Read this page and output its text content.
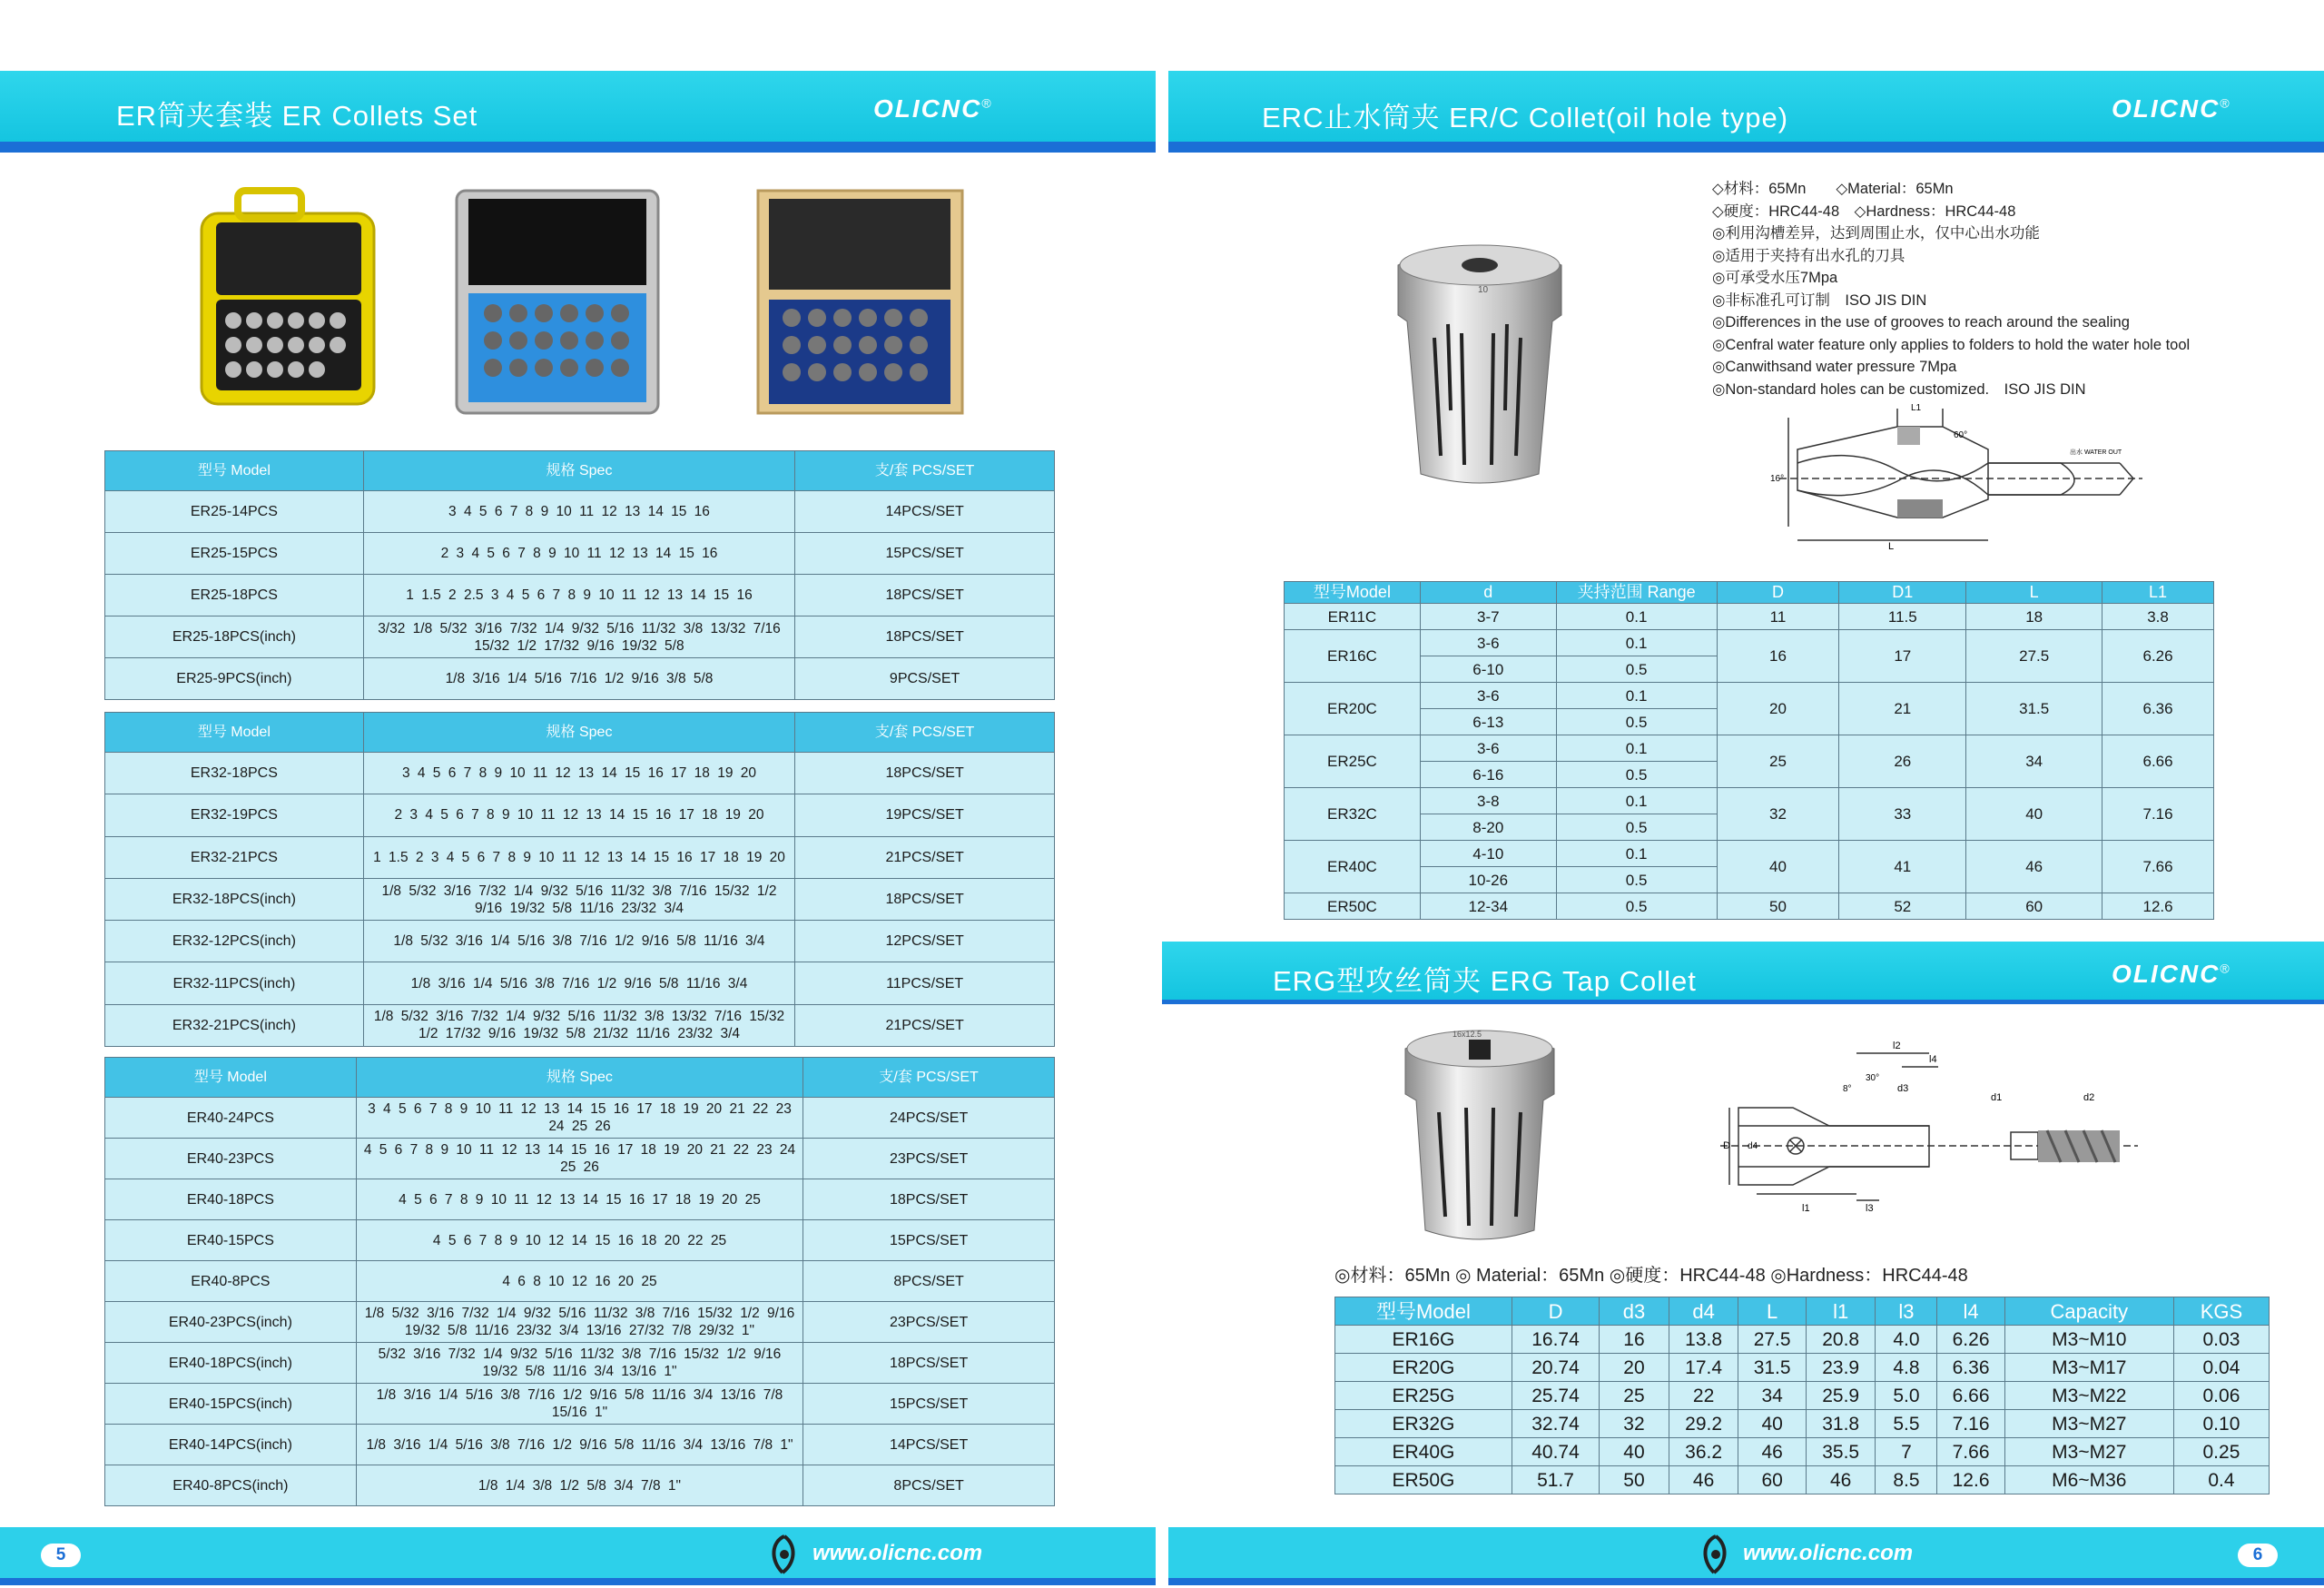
ER筒夹套装 ER Collets Set	OLICNC®	ERC止水筒夹 ER/C Collet(oil hole type)	OLICNC®
ERG型攻丝筒夹 ERG Tap Collet	OLICNC®
型号 Model	规格 Spec	支/套 PCS/SET
ER25-14PCS	3 4 5 6 7 8 9 10 11 12 13 14 15 16	14PCS/SET
ER25-15PCS	2 3 4 5 6 7 8 9 10 11 12 13 14 15 16	15PCS/SET
ER25-18PCS	1 1.5 2 2.5 3 4 5 6 7 8 9 10 11 12 13 14 15 16	18PCS/SET
ER25-18PCS(inch)	3/32 1/8 5/32 3/16 7/32 1/4 9/32 5/16 11/32 3/8 13/32 7/16 15/32 1/2 17/32 9/16 19/32 5/8	18PCS/SET
ER25-9PCS(inch)	1/8 3/16 1/4 5/16 7/16 1/2 9/16 3/8 5/8	9PCS/SET
型号 Model	规格 Spec	支/套 PCS/SET
ER32-18PCS	3 4 5 6 7 8 9 10 11 12 13 14 15 16 17 18 19 20	18PCS/SET
ER32-19PCS	2 3 4 5 6 7 8 9 10 11 12 13 14 15 16 17 18 19 20	19PCS/SET
ER32-21PCS	1 1.5 2 3 4 5 6 7 8 9 10 11 12 13 14 15 16 17 18 19 20	21PCS/SET
ER32-18PCS(inch)	1/8 5/32 3/16 7/32 1/4 9/32 5/16 11/32 3/8 7/16 15/32 1/2 9/16 19/32 5/8 11/16 23/32 3/4	18PCS/SET
ER32-12PCS(inch)	1/8 5/32 3/16 1/4 5/16 3/8 7/16 1/2 9/16 5/8 11/16 3/4	12PCS/SET
ER32-11PCS(inch)	1/8 3/16 1/4 5/16 3/8 7/16 1/2 9/16 5/8 11/16 3/4	11PCS/SET
ER32-21PCS(inch)	1/8 5/32 3/16 7/32 1/4 9/32 5/16 11/32 3/8 13/32 7/16 15/32 1/2 17/32 9/16 19/32 5/8 21/32 11/16 23/32 3/4	21PCS/SET
型号 Model	规格 Spec	支/套 PCS/SET
ER40-24PCS	3 4 5 6 7 8 9 10 11 12 13 14 15 16 17 18 19 20 21 22 23 24 25 26	24PCS/SET
ER40-23PCS	4 5 6 7 8 9 10 11 12 13 14 15 16 17 18 19 20 21 22 23 24 25 26	23PCS/SET
ER40-18PCS	4 5 6 7 8 9 10 11 12 13 14 15 16 17 18 19 20 25	18PCS/SET
ER40-15PCS	4 5 6 7 8 9 10 12 14 15 16 18 20 22 25	15PCS/SET
ER40-8PCS	4 6 8 10 12 16 20 25	8PCS/SET
ER40-23PCS(inch)	1/8 5/32 3/16 7/32 1/4 9/32 5/16 11/32 3/8 7/16 15/32 1/2 9/16 19/32 5/8 11/16 23/32 3/4 13/16 27/32 7/8 29/32 1"	23PCS/SET
ER40-18PCS(inch)	5/32 3/16 7/32 1/4 9/32 5/16 11/32 3/8 7/16 15/32 1/2 9/16 19/32 5/8 11/16 3/4 13/16 1"	18PCS/SET
ER40-15PCS(inch)	1/8 3/16 1/4 5/16 3/8 7/16 1/2 9/16 5/8 11/16 3/4 13/16 7/8 15/16 1"	15PCS/SET
ER40-14PCS(inch)	1/8 3/16 1/4 5/16 3/8 7/16 1/2 9/16 5/8 11/16 3/4 13/16 7/8 1"	14PCS/SET
ER40-8PCS(inch)	1/8 1/4 3/8 1/2 5/8 3/4 7/8 1"	8PCS/SET
10
◇材料：65Mn　　◇Material：65Mn
◇硬度：HRC44-48　◇Hardness：HRC44-48
◎利用沟槽差异，达到周围止水，仅中心出水功能
◎适用于夹持有出水孔的刀具
◎可承受水压7Mpa
◎非标准孔可订制　ISO JIS DIN
◎Differences in the use of grooves to reach around the sealing
◎Cenfral water feature only applies to folders to hold the water hole tool
◎Canwithsand water pressure 7Mpa
◎Non-standard holes can be customized.　ISO JIS DIN
16°
L
L1
60°
出水 WATER OUT
型号Model	d	夹持范围 Range	D	D1	L	L1
ER11C	3-7	0.1	11	11.5	18	3.8
ER16C	3-6	0.1	16	17	27.5	6.26
	6-10	0.5				
ER20C	3-6	0.1	20	21	31.5	6.36
	6-13	0.5				
ER25C	3-6	0.1	25	26	34	6.66
	6-16	0.5				
ER32C	3-8	0.1	32	33	40	7.16
	8-20	0.5				
ER40C	4-10	0.1	40	41	46	7.66
	10-26	0.5				
ER50C	12-34	0.5	50	52	60	12.6
16x12.5
D d4
l2
l4
d3
d1	d2
l1	l3
8°
30°
◎材料：65Mn ◎ Material：65Mn ◎硬度：HRC44-48 ◎Hardness：HRC44-48
型号Model	D	d3	d4	L	l1	l3	l4	Capacity	KGS
ER16G	16.74	16	13.8	27.5	20.8	4.0	6.26	M3~M10	0.03
ER20G	20.74	20	17.4	31.5	23.9	4.8	6.36	M3~M17	0.04
ER25G	25.74	25	22	34	25.9	5.0	6.66	M3~M22	0.06
ER32G	32.74	32	29.2	40	31.8	5.5	7.16	M3~M27	0.10
ER40G	40.74	40	36.2	46	35.5	7	7.66	M3~M27	0.25
ER50G	51.7	50	46	60	46	8.5	12.6	M6~M36	0.4
5	6
www.olicnc.com	www.olicnc.com
